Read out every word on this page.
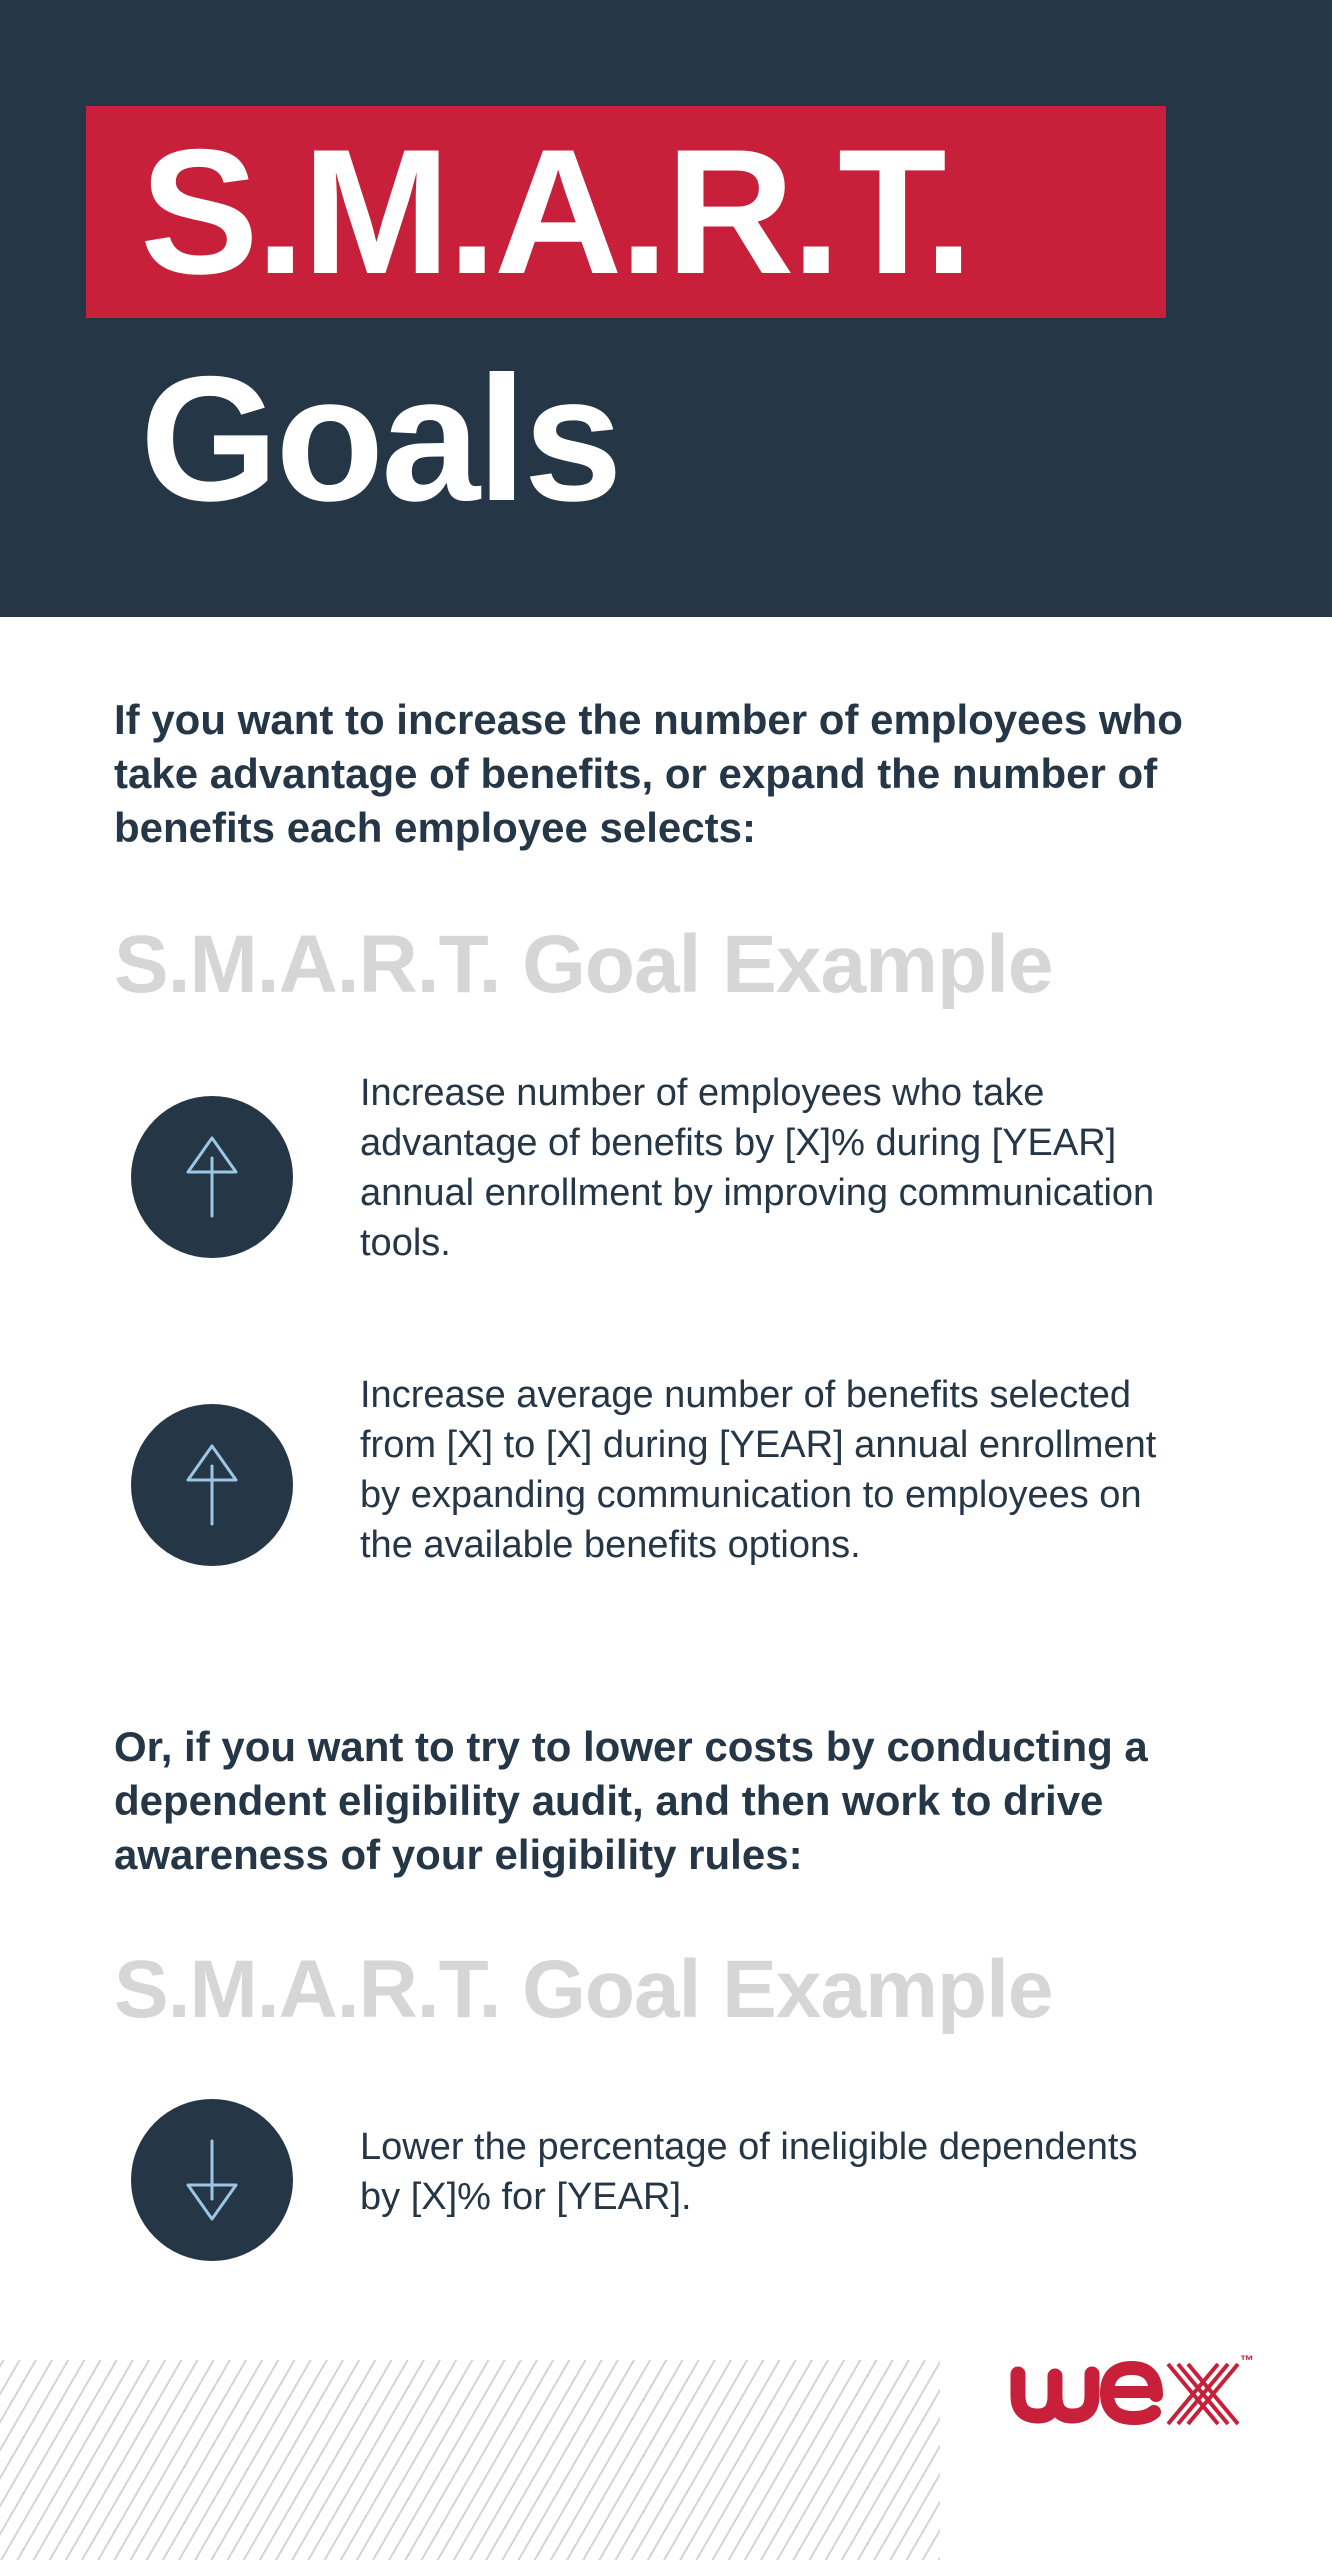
S.M.A.R.T.
Goals

If you want to increase the number of employees who take advantage of benefits, or expand the number of benefits each employee selects:

S.M.A.R.T. Goal Example

Increase number of employees who take advantage of benefits by [X]% during [YEAR] annual enrollment by improving communication tools.

Increase average number of benefits selected from [X] to [X] during [YEAR] annual enrollment by expanding communication to employees on the available benefits options.

Or, if you want to try to lower costs by conducting a dependent eligibility audit, and then work to drive awareness of your eligibility rules:

S.M.A.R.T. Goal Example

Lower the percentage of ineligible dependents by [X]% for [YEAR].

™
